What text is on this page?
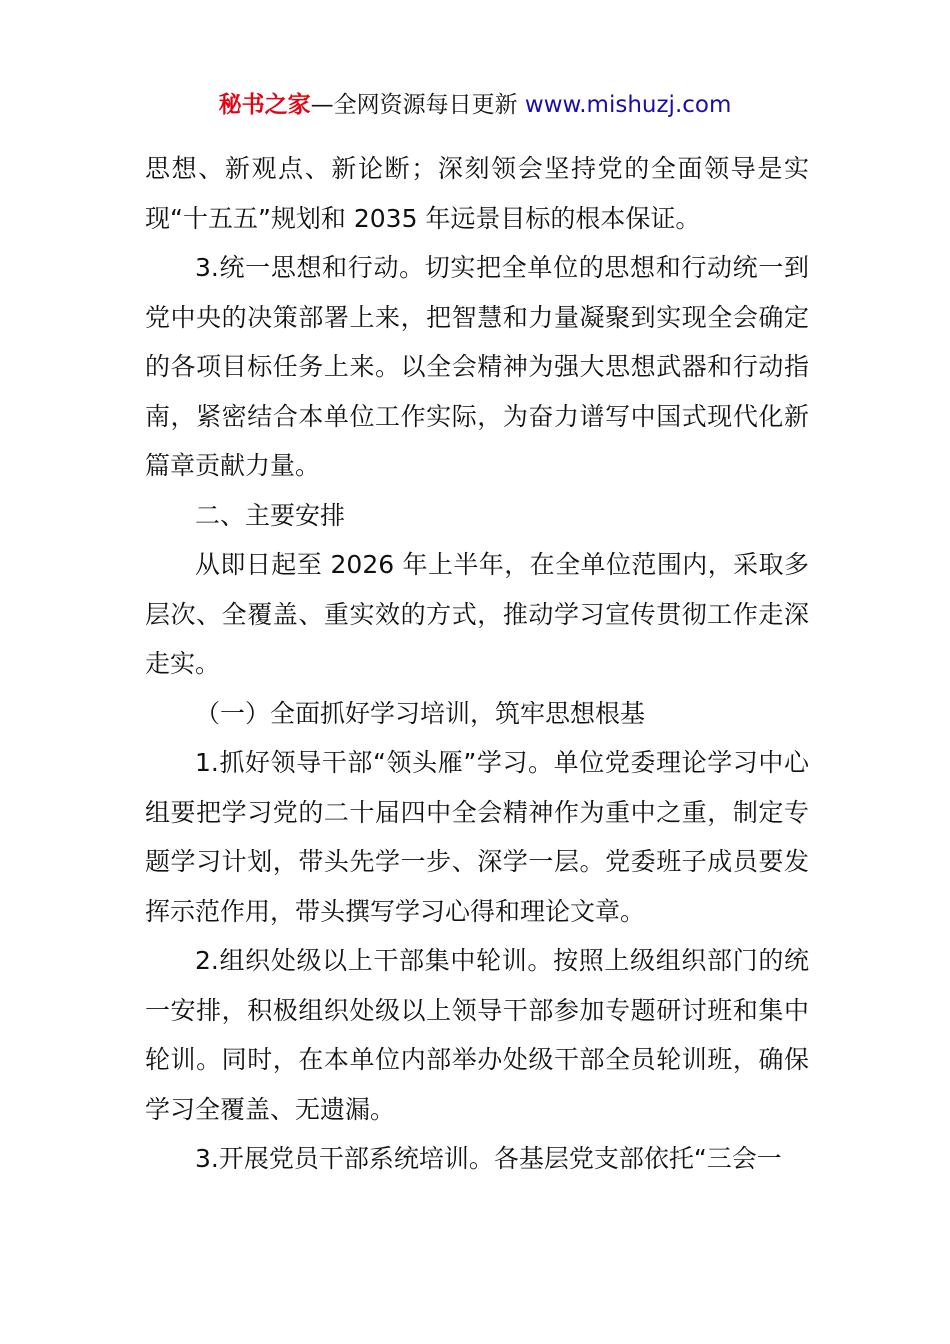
秘书之家—全网资源每日更新 www.mishuzj.com

思想、新观点、新论断；深刻领会坚持党的全面领导是实现“十五五”规划和 2035 年远景目标的根本保证。

3.统一思想和行动。切实把全单位的思想和行动统一到党中央的决策部署上来，把智慧和力量凝聚到实现全会确定的各项目标任务上来。以全会精神为强大思想武器和行动指南，紧密结合本单位工作实际，为奋力谱写中国式现代化新篇章贡献力量。

二、主要安排

从即日起至 2026 年上半年，在全单位范围内，采取多层次、全覆盖、重实效的方式，推动学习宣传贯彻工作走深走实。

（一）全面抓好学习培训，筑牢思想根基

1.抓好领导干部“领头雁”学习。单位党委理论学习中心组要把学习党的二十届四中全会精神作为重中之重，制定专题学习计划，带头先学一步、深学一层。党委班子成员要发挥示范作用，带头撰写学习心得和理论文章。

2.组织处级以上干部集中轮训。按照上级组织部门的统一安排，积极组织处级以上领导干部参加专题研讨班和集中轮训。同时，在本单位内部举办处级干部全员轮训班，确保学习全覆盖、无遗漏。

3.开展党员干部系统培训。各基层党支部依托“三会一
